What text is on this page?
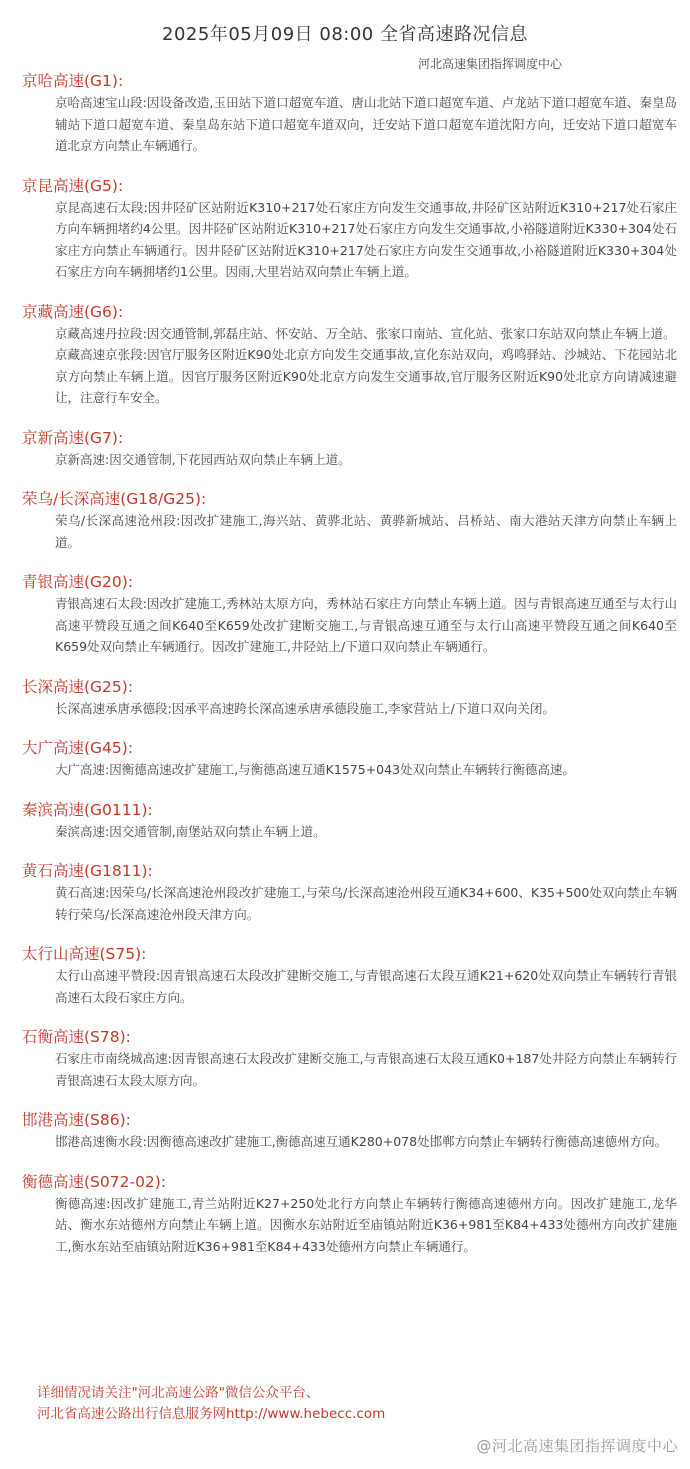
2025年05月09日 08:00 全省高速路况信息
河北高速集团指挥调度中心
京哈高速(G1):
京哈高速宝山段:因设备改造,玉田站下道口超宽车道、唐山北站下道口超宽车道、卢龙站下道口超宽车道、秦皇岛辅站下道口超宽车道、秦皇岛东站下道口超宽车道双向，迁安站下道口超宽车道沈阳方向，迁安站下道口超宽车道北京方向禁止车辆通行。
京昆高速(G5):
京昆高速石太段:因井陉矿区站附近K310+217处石家庄方向发生交通事故,井陉矿区站附近K310+217处石家庄方向车辆拥堵约4公里。因井陉矿区站附近K310+217处石家庄方向发生交通事故,小裕隧道附近K330+304处石家庄方向禁止车辆通行。因井陉矿区站附近K310+217处石家庄方向发生交通事故,小裕隧道附近K330+304处石家庄方向车辆拥堵约1公里。因雨,大里岩站双向禁止车辆上道。
京藏高速(G6):
京藏高速丹拉段:因交通管制,郭磊庄站、怀安站、万全站、张家口南站、宣化站、张家口东站双向禁止车辆上道。
京藏高速京张段:因官厅服务区附近K90处北京方向发生交通事故,宣化东站双向，鸡鸣驿站、沙城站、下花园站北京方向禁止车辆上道。因官厅服务区附近K90处北京方向发生交通事故,官厅服务区附近K90处北京方向请减速避让，注意行车安全。
京新高速(G7):
京新高速:因交通管制,下花园西站双向禁止车辆上道。
荣乌/长深高速(G18/G25):
荣乌/长深高速沧州段:因改扩建施工,海兴站、黄骅北站、黄骅新城站、吕桥站、南大港站天津方向禁止车辆上道。
青银高速(G20):
青银高速石太段:因改扩建施工,秀林站太原方向，秀林站石家庄方向禁止车辆上道。因与青银高速互通至与太行山高速平赞段互通之间K640至K659处改扩建断交施工,与青银高速互通至与太行山高速平赞段互通之间K640至K659处双向禁止车辆通行。因改扩建施工,井陉站上/下道口双向禁止车辆通行。
长深高速(G25):
长深高速承唐承德段:因承平高速跨长深高速承唐承德段施工,李家营站上/下道口双向关闭。
大广高速(G45):
大广高速:因衡德高速改扩建施工,与衡德高速互通K1575+043处双向禁止车辆转行衡德高速。
秦滨高速(G0111):
秦滨高速:因交通管制,南堡站双向禁止车辆上道。
黄石高速(G1811):
黄石高速:因荣乌/长深高速沧州段改扩建施工,与荣乌/长深高速沧州段互通K34+600、K35+500处双向禁止车辆转行荣乌/长深高速沧州段天津方向。
太行山高速(S75):
太行山高速平赞段:因青银高速石太段改扩建断交施工,与青银高速石太段互通K21+620处双向禁止车辆转行青银高速石太段石家庄方向。
石衡高速(S78):
石家庄市南绕城高速:因青银高速石太段改扩建断交施工,与青银高速石太段互通K0+187处井陉方向禁止车辆转行青银高速石太段太原方向。
邯港高速(S86):
邯港高速衡水段:因衡德高速改扩建施工,衡德高速互通K280+078处邯郸方向禁止车辆转行衡德高速德州方向。
衡德高速(S072-02):
衡德高速:因改扩建施工,青兰站附近K27+250处北行方向禁止车辆转行衡德高速德州方向。因改扩建施工,龙华站、衡水东站德州方向禁止车辆上道。因衡水东站附近至庙镇站附近K36+981至K84+433处德州方向改扩建施工,衡水东站至庙镇站附近K36+981至K84+433处德州方向禁止车辆通行。
详细情况请关注"河北高速公路"微信公众平台、
河北省高速公路出行信息服务网http://www.hebecc.com
@河北高速集团指挥调度中心
